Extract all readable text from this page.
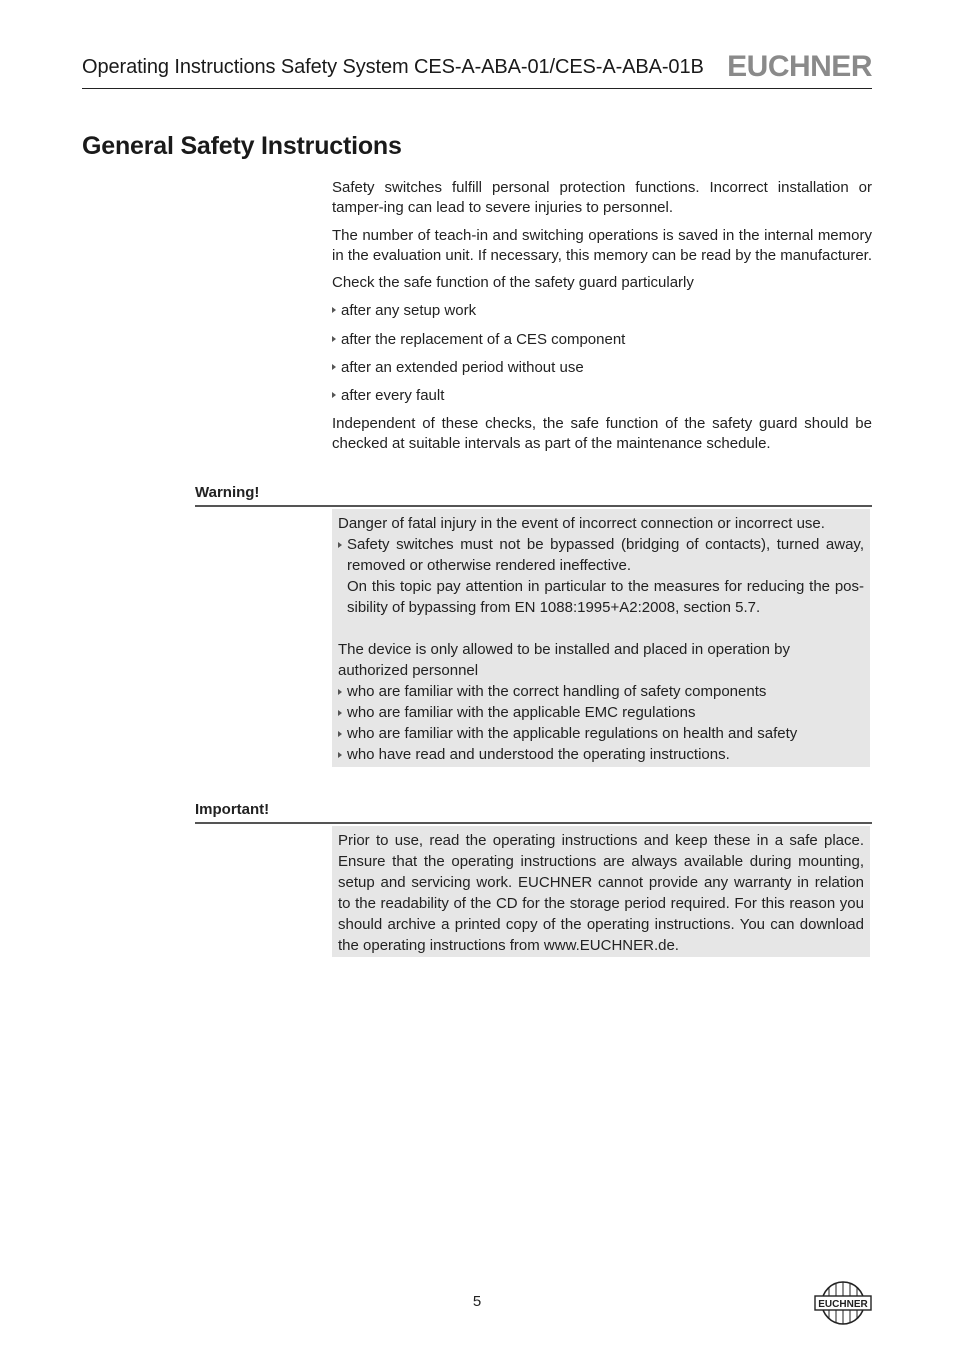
Operating Instructions Safety System CES-A-ABA-01/CES-A-ABA-01B EUCHNER
General Safety Instructions
Safety switches fulfill personal protection functions. Incorrect installation or tamper-ing can lead to severe injuries to personnel.
The number of teach-in and switching operations is saved in the internal memory in the evaluation unit. If necessary, this memory can be read by the manufacturer.
Check the safe function of the safety guard particularly
after any setup work
after the replacement of a CES component
after an extended period without use
after every fault
Independent of these checks, the safe function of the safety guard should be checked at suitable intervals as part of the maintenance schedule.
Warning!

Danger of fatal injury in the event of incorrect connection or incorrect use.

Safety switches must not be bypassed (bridging of contacts), turned away, removed or otherwise rendered ineffective.

On this topic pay attention in particular to the measures for reducing the pos-sibility of bypassing from EN 1088:1995+A2:2008, section 5.7.

The device is only allowed to be installed and placed in operation by authorized personnel

who are familiar with the correct handling of safety components

who are familiar with the applicable EMC regulations

who are familiar with the applicable regulations on health and safety

who have read and understood the operating instructions.

Important!

Prior to use, read the operating instructions and keep these in a safe place. Ensure that the operating instructions are always available during mounting, setup and servicing work. EUCHNER cannot provide any warranty in relation to the readability of the CD for the storage period required. For this reason you should archive a printed copy of the operating instructions. You can download the operating instructions from www.EUCHNER.de.

5	EUCHNER
